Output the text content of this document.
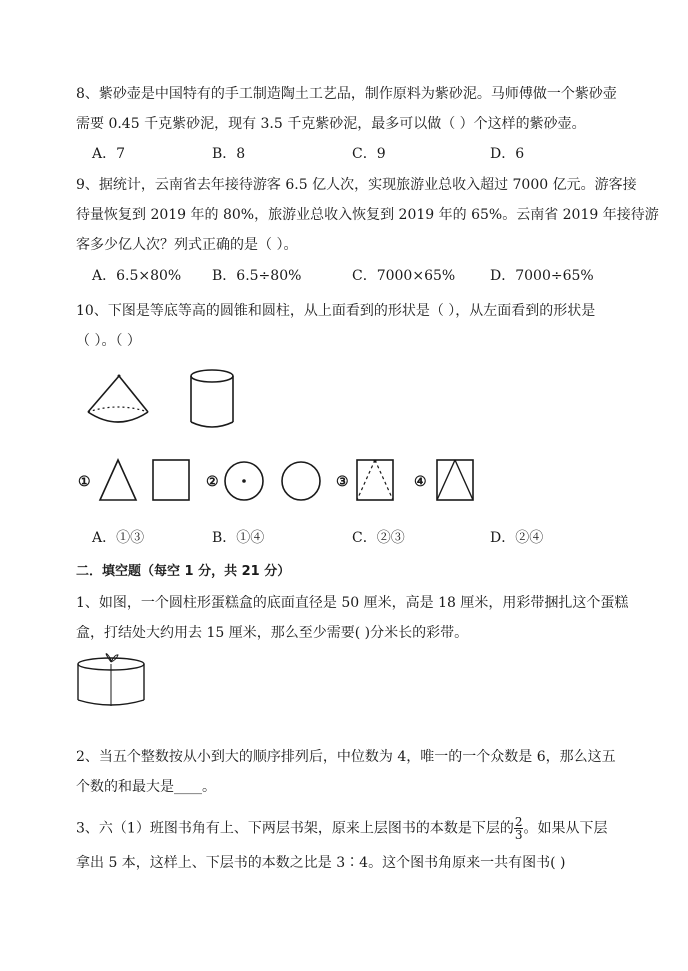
8、紫砂壶是中国特有的手工制造陶土工艺品，制作原料为紫砂泥。马师傅做一个紫砂壶
需要 0.45 千克紫砂泥，现有 3.5 千克紫砂泥，最多可以做（ ）个这样的紫砂壶。
A．7	B．8	C．9	D．6
9、据统计，云南省去年接待游客 6.5 亿人次，实现旅游业总收入超过 7000 亿元。游客接
待量恢复到 2019 年的 80%，旅游业总收入恢复到 2019 年的 65%。云南省 2019 年接待游
客多少亿人次？列式正确的是（ ）。
A．6.5×80% B．6.5÷80%	C．7000×65% D．7000÷65%
10、下图是等底等高的圆锥和圆柱，从上面看到的形状是（ ），从左面看到的形状是
（ ）。（ ）
①	②	③	④
A．①③	B．①④	C．②③	D．②④
二．填空题（每空 1 分，共 21 分）
1、如图，一个圆柱形蛋糕盒的底面直径是 50 厘米，高是 18 厘米，用彩带捆扎这个蛋糕
盒，打结处大约用去 15 厘米，那么至少需要( )分米长的彩带。
2、当五个整数按从小到大的顺序排列后，中位数为 4，唯一的一个众数是 6，那么这五
个数的和最大是____。
3、六（1）班图书角有上、下两层书架，原来上层图书的本数是下层的 $\frac{2}{3}$ 。如果从下层
拿出 5 本，这样上、下层书的本数之比是 3∶4。这个图书角原来一共有图书( )
